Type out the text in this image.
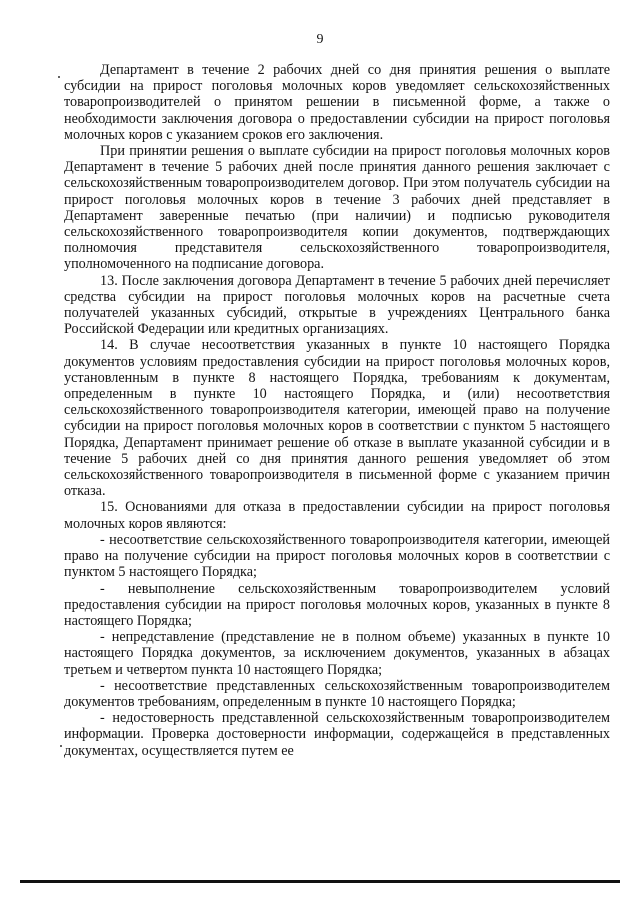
9

Департамент в течение 2 рабочих дней со дня принятия решения о выплате субсидии на прирост поголовья молочных коров уведомляет сельскохозяйственных товаропроизводителей о принятом решении в письменной форме, а также о необходимости заключения договора о предоставлении субсидии на прирост поголовья молочных коров с указанием сроков его заключения.

При принятии решения о выплате субсидии на прирост поголовья молочных коров Департамент в течение 5 рабочих дней после принятия данного решения заключает с сельскохозяйственным товаропроизводителем договор. При этом получатель субсидии на прирост поголовья молочных коров в течение 3 рабочих дней представляет в Департамент заверенные печатью (при наличии) и подписью руководителя сельскохозяйственного товаропроизводителя копии документов, подтверждающих полномочия представителя сельскохозяйственного товаропроизводителя, уполномоченного на подписание договора.

13. После заключения договора Департамент в течение 5 рабочих дней перечисляет средства субсидии на прирост поголовья молочных коров на расчетные счета получателей указанных субсидий, открытые в учреждениях Центрального банка Российской Федерации или кредитных организациях.

14. В случае несоответствия указанных в пункте 10 настоящего Порядка документов условиям предоставления субсидии на прирост поголовья молочных коров, установленным в пункте 8 настоящего Порядка, требованиям к документам, определенным в пункте 10 настоящего Порядка, и (или) несоответствия сельскохозяйственного товаропроизводителя категории, имеющей право на получение субсидии на прирост поголовья молочных коров в соответствии с пунктом 5 настоящего Порядка, Департамент принимает решение об отказе в выплате указанной субсидии и в течение 5 рабочих дней со дня принятия данного решения уведомляет об этом сельскохозяйственного товаропроизводителя в письменной форме с указанием причин отказа.

15. Основаниями для отказа в предоставлении субсидии на прирост поголовья молочных коров являются:

- несоответствие сельскохозяйственного товаропроизводителя категории, имеющей право на получение субсидии на прирост поголовья молочных коров в соответствии с пунктом 5 настоящего Порядка;

- невыполнение сельскохозяйственным товаропроизводителем условий предоставления субсидии на прирост поголовья молочных коров, указанных в пункте 8 настоящего Порядка;

- непредставление (представление не в полном объеме) указанных в пункте 10 настоящего Порядка документов, за исключением документов, указанных в абзацах третьем и четвертом пункта 10 настоящего Порядка;

- несоответствие представленных сельскохозяйственным товаропроизводителем документов требованиям, определенным в пункте 10 настоящего Порядка;

- недостоверность представленной сельскохозяйственным товаропроизводителем информации. Проверка достоверности информации, содержащейся в представленных документах, осуществляется путем ее
